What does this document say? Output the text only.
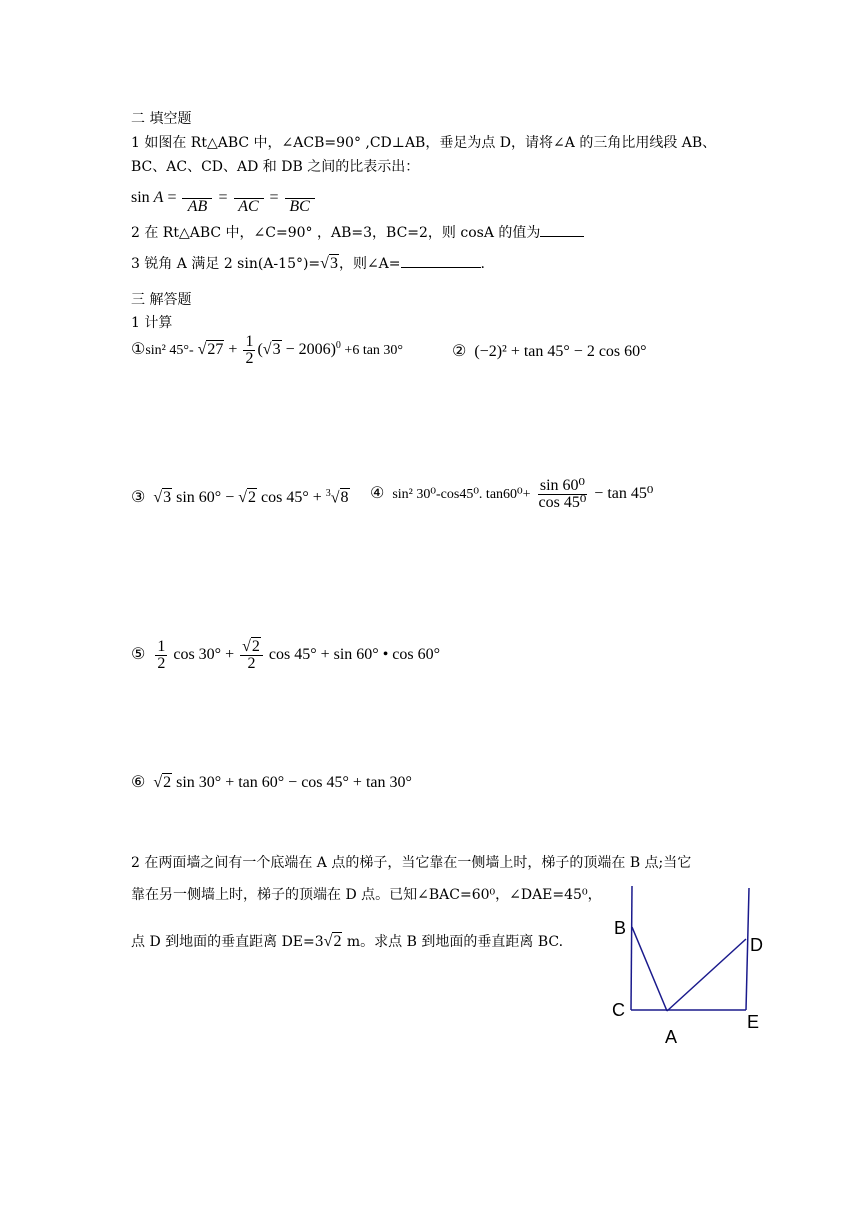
二 填空题
1 如图在 Rt△ABC 中，∠ACB=90° ,CD⊥AB，垂足为点 D，请将∠A 的三角比用线段 AB、
BC、AC、CD、AD 和 DB 之间的比表示出：
sin A =

AB
=

AC
=

BC
2 在 Rt△ABC 中，∠C=90° ，AB=3，BC=2，则 cosA 的值为
3 锐角 A 满足 2 sin(A-15°)=√3，则∠A=	.
三 解答题
1 计算
①sin² 45°- $√27 + \frac{1}{2} (√3 - 2006)^0 +6$ tan 30°	② (−2)² + tan 45° − 2 cos 60°
③ √3 sin 60° − √2 cos 45° + $^3$√8 ④ sin² 30⁰-cos45⁰. $\tan 60^0+ \frac{\text{sin 60⁰}}{\text{cos 45⁰}} - \tan 45^0$
⑤ $\frac{1}{2}$ $\cos 30^\circ + \frac{√2}{2}$ cos 45° + sin 60° • cos 60°
⑥ √2 sin 30° + tan 60° − cos 45° + tan 30°
2 在两面墙之间有一个底端在 A 点的梯子，当它靠在一侧墙上时，梯子的顶端在 B 点;当它
靠在另一侧墙上时，梯子的顶端在 D 点。已知∠BAC=60⁰，∠DAE=45⁰，
点 D 到地面的垂直距离 DE=3√2 m。求点 B 到地面的垂直距离 BC.
B
C
A
D
E
